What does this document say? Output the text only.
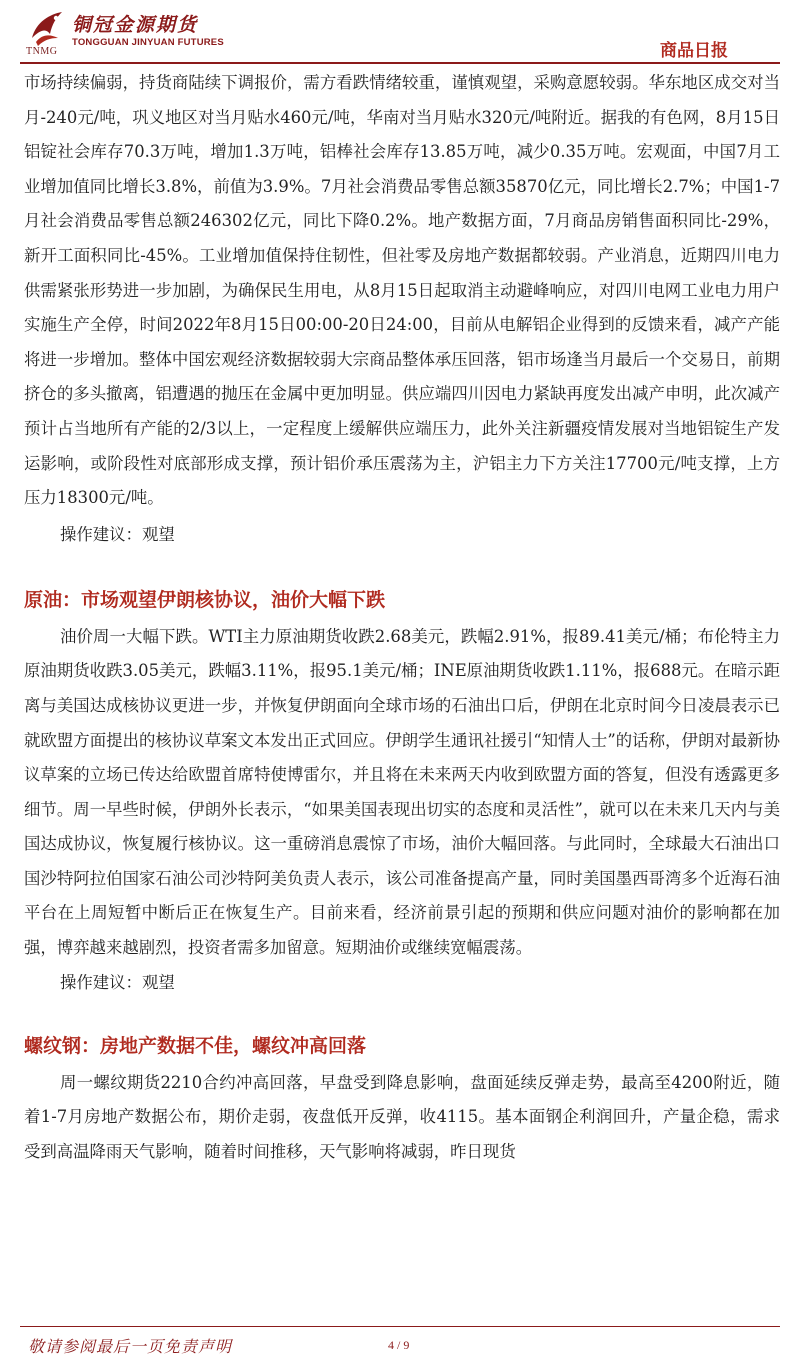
TNMG
铜冠金源期货
TONGGUAN JINYUAN FUTURES	商品日报

市场持续偏弱，持货商陆续下调报价，需方看跌情绪较重，谨慎观望，采购意愿较弱。华东地区成交对当月-240元/吨，巩义地区对当月贴水460元/吨，华南对当月贴水320元/吨附近。据我的有色网，8月15日铝锭社会库存70.3万吨，增加1.3万吨，铝棒社会库存13.85万吨，减少0.35万吨。宏观面，中国7月工业增加值同比增长3.8%，前值为3.9%。7月社会消费品零售总额35870亿元，同比增长2.7%；中国1-7月社会消费品零售总额246302亿元，同比下降0.2%。地产数据方面，7月商品房销售面积同比-29%，新开工面积同比-45%。工业增加值保持住韧性，但社零及房地产数据都较弱。产业消息，近期四川电力供需紧张形势进一步加剧，为确保民生用电，从8月15日起取消主动避峰响应，对四川电网工业电力用户实施生产全停，时间2022年8月15日00:00-20日24:00，目前从电解铝企业得到的反馈来看，减产产能将进一步增加。整体中国宏观经济数据较弱大宗商品整体承压回落，铝市场逢当月最后一个交易日，前期挤仓的多头撤离，铝遭遇的抛压在金属中更加明显。供应端四川因电力紧缺再度发出减产申明，此次减产预计占当地所有产能的2/3以上，一定程度上缓解供应端压力，此外关注新疆疫情发展对当地铝锭生产发运影响，或阶段性对底部形成支撑，预计铝价承压震荡为主，沪铝主力下方关注17700元/吨支撑，上方压力18300元/吨。

操作建议：观望

原油：市场观望伊朗核协议，油价大幅下跌

油价周一大幅下跌。WTI主力原油期货收跌2.68美元，跌幅2.91%，报89.41美元/桶；布伦特主力原油期货收跌3.05美元，跌幅3.11%，报95.1美元/桶；INE原油期货收跌1.11%，报688元。在暗示距离与美国达成核协议更进一步，并恢复伊朗面向全球市场的石油出口后，伊朗在北京时间今日凌晨表示已就欧盟方面提出的核协议草案文本发出正式回应。伊朗学生通讯社援引“知情人士”的话称，伊朗对最新协议草案的立场已传达给欧盟首席特使博雷尔，并且将在未来两天内收到欧盟方面的答复，但没有透露更多细节。周一早些时候，伊朗外长表示，“如果美国表现出切实的态度和灵活性”，就可以在未来几天内与美国达成协议，恢复履行核协议。这一重磅消息震惊了市场，油价大幅回落。与此同时，全球最大石油出口国沙特阿拉伯国家石油公司沙特阿美负责人表示，该公司准备提高产量，同时美国墨西哥湾多个近海石油平台在上周短暂中断后正在恢复生产。目前来看，经济前景引起的预期和供应问题对油价的影响都在加强，博弈越来越剧烈，投资者需多加留意。短期油价或继续宽幅震荡。

操作建议：观望

螺纹钢：房地产数据不佳，螺纹冲高回落

周一螺纹期货2210合约冲高回落，早盘受到降息影响，盘面延续反弹走势，最高至4200附近，随着1-7月房地产数据公布，期价走弱，夜盘低开反弹，收4115。基本面钢企利润回升，产量企稳，需求受到高温降雨天气影响，随着时间推移，天气影响将减弱，昨日现货

敬请参阅最后一页免责声明	4 / 9
